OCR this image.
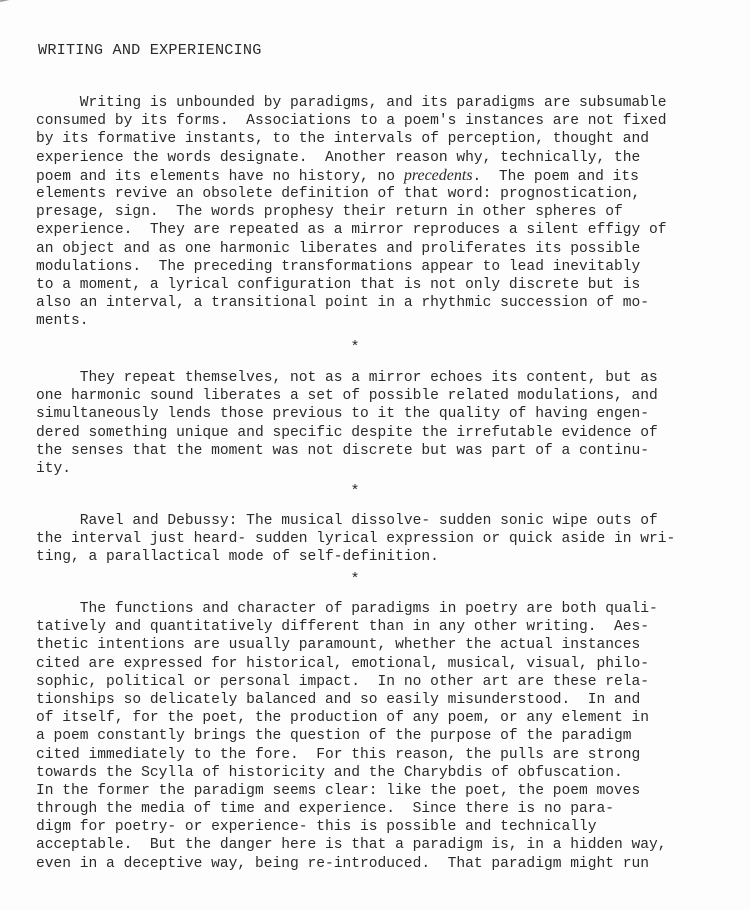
WRITING AND EXPERIENCING
Writing is unbounded by paradigms, and its paradigms are subsumable
consumed by its forms.  Associations to a poem's instances are not fixed
by its formative instants, to the intervals of perception, thought and
experience the words designate.  Another reason why, technically, the
poem and its elements have no history, no precedents.  The poem and its
elements revive an obsolete definition of that word: prognostication,
presage, sign.  The words prophesy their return in other spheres of
experience.  They are repeated as a mirror reproduces a silent effigy of
an object and as one harmonic liberates and proliferates its possible
modulations.  The preceding transformations appear to lead inevitably
to a moment, a lyrical configuration that is not only discrete but is
also an interval, a transitional point in a rhythmic succession of mo-
ments.
*
They repeat themselves, not as a mirror echoes its content, but as
one harmonic sound liberates a set of possible related modulations, and
simultaneously lends those previous to it the quality of having engen-
dered something unique and specific despite the irrefutable evidence of
the senses that the moment was not discrete but was part of a continu-
ity.
*
Ravel and Debussy: The musical dissolve- sudden sonic wipe outs of
the interval just heard- sudden lyrical expression or quick aside in wri-
ting, a parallactical mode of self-definition.
*
The functions and character of paradigms in poetry are both quali-
tatively and quantitatively different than in any other writing.  Aes-
thetic intentions are usually paramount, whether the actual instances
cited are expressed for historical, emotional, musical, visual, philo-
sophic, political or personal impact.  In no other art are these rela-
tionships so delicately balanced and so easily misunderstood.  In and
of itself, for the poet, the production of any poem, or any element in
a poem constantly brings the question of the purpose of the paradigm
cited immediately to the fore.  For this reason, the pulls are strong
towards the Scylla of historicity and the Charybdis of obfuscation.
In the former the paradigm seems clear: like the poet, the poem moves
through the media of time and experience.  Since there is no para-
digm for poetry- or experience- this is possible and technically
acceptable.  But the danger here is that a paradigm is, in a hidden way,
even in a deceptive way, being re-introduced.  That paradigm might run
